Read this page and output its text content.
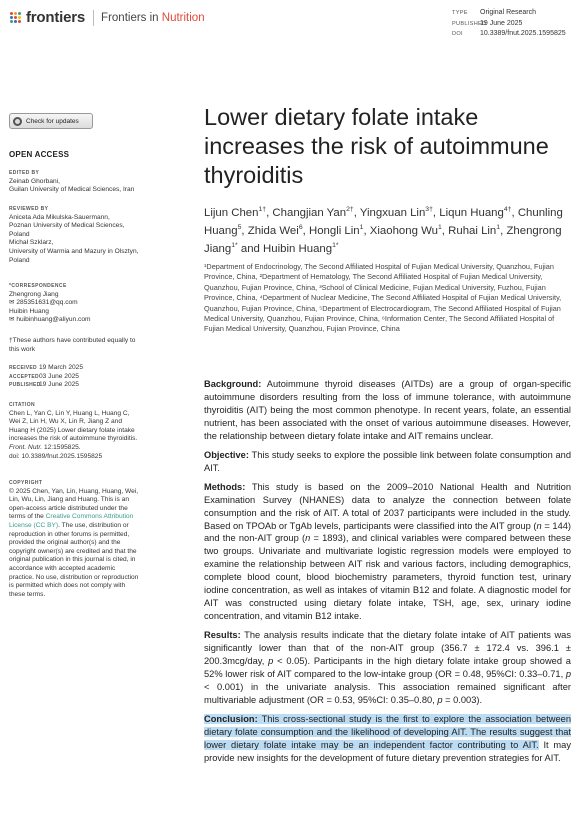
frontiers Frontiers in Nutrition	TYPE Original Research
PUBLISHED19 June 2025
DOI 10.3389/fnut.2025.1595825
Check for updates
OPEN ACCESS
EDITED BY
Zeinab Ghorbani,
Guilan University of Medical Sciences, Iran
REVIEWED BY
Aniceta Ada Mikulska-Sauermann,
Poznan University of Medical Sciences,
Poland
Michał Szklarz,
University of Warmia and Mazury in Olsztyn,
Poland
*CORRESPONDENCE
Zhengrong Jiang
✉ 285351631@qq.com
Huibin Huang
✉ huibinhuang@aliyun.com
†These authors have contributed equally to
this work
RECEIVED 19 March 2025
ACCEPTED03 June 2025
PUBLISHED19 June 2025
CITATION
Chen L, Yan C, Lin Y, Huang L, Huang C,
Wei Z, Lin H, Wu X, Lin R, Jiang Z and
Huang H (2025) Lower dietary folate intake
increases the risk of autoimmune thyroiditis.
Front. Nutr. 12:1595825.
doi: 10.3389/fnut.2025.1595825
COPYRIGHT
© 2025 Chen, Yan, Lin, Huang, Huang, Wei,
Lin, Wu, Lin, Jiang and Huang. This is an
open-access article distributed under the
terms of the Creative Commons Attribution
License (CC BY). The use, distribution or
reproduction in other forums is permitted,
provided the original author(s) and the
copyright owner(s) are credited and that the
original publication in this journal is cited, in
accordance with accepted academic
practice. No use, distribution or reproduction
is permitted which does not comply with
these terms.
Lower dietary folate intake increases the risk of autoimmune thyroiditis
Lijun Chen$^{1\dagger}$, Changjian Yan$^{2\dagger}$, Yingxuan Lin$^{3\dagger}$, Liqun Huang$^{4\dagger}$, Chunling Huang$^5$, Zhida Wei$^6$, Hongli Lin$^1$, Xiaohong Wu$^1$, Ruhai Lin$^1$, Zhengrong Jiang$^{1*}$ and Huibin Huang$^{1*}$
¹Department of Endocrinology, The Second Affiliated Hospital of Fujian Medical University, Quanzhou, Fujian Province, China, ²Department of Hematology, The Second Affiliated Hospital of Fujian Medical University, Quanzhou, Fujian Province, China, ³School of Clinical Medicine, Fujian Medical University, Fuzhou, Fujian Province, China, ⁴Department of Nuclear Medicine, The Second Affiliated Hospital of Fujian Medical University, Quanzhou, Fujian Province, China, ⁵Department of Electrocardiogram, The Second Affiliated Hospital of Fujian Medical University, Quanzhou, Fujian Province, China, ⁶Information Center, The Second Affiliated Hospital of Fujian Medical University, Quanzhou, Fujian Province, China

Background: Autoimmune thyroid diseases (AITDs) are a group of organ-specific autoimmune disorders resulting from the loss of immune tolerance, with autoimmune thyroiditis (AIT) being the most common phenotype. In recent years, folate, an essential nutrient, has been associated with the onset of various autoimmune diseases. However, the relationship between dietary folate intake and AIT remains unclear.

Objective: This study seeks to explore the possible link between folate consumption and AIT.

Methods: This study is based on the 2009–2010 National Health and Nutrition Examination Survey (NHANES) data to analyze the connection between folate consumption and the risk of AIT. A total of 2037 participants were included in the study. Based on TPOAb or TgAb levels, participants were classified into the AIT group (n = 144) and the non-AIT group (n = 1893), and clinical variables were compared between these two groups. Univariate and multivariate logistic regression models were employed to examine the relationship between AIT risk and various factors, including demographics, complete blood count, blood biochemistry parameters, thyroid function test, urinary iodine concentration, as well as intakes of vitamin B12 and folate. A diagnostic model for AIT was constructed using dietary folate intake, TSH, age, sex, urinary iodine concentration, and vitamin B12 intake.

Results: The analysis results indicate that the dietary folate intake of AIT patients was significantly lower than that of the non-AIT group (356.7 ± 172.4 vs. 396.1 ± 200.3mcg/day, p < 0.05). Participants in the high dietary folate intake group showed a 52% lower risk of AIT compared to the low-intake group (OR = 0.48, 95%CI: 0.33–0.71, p < 0.001) in the univariate analysis. This association remained significant after multivariable adjustment (OR = 0.53, 95%CI: 0.35–0.80, p = 0.003).

Conclusion: This cross-sectional study is the first to explore the association between dietary folate consumption and the likelihood of developing AIT. The results suggest that lower dietary folate intake may be an independent factor contributing to AIT. It may provide new insights for the development of future dietary prevention strategies for AIT.
